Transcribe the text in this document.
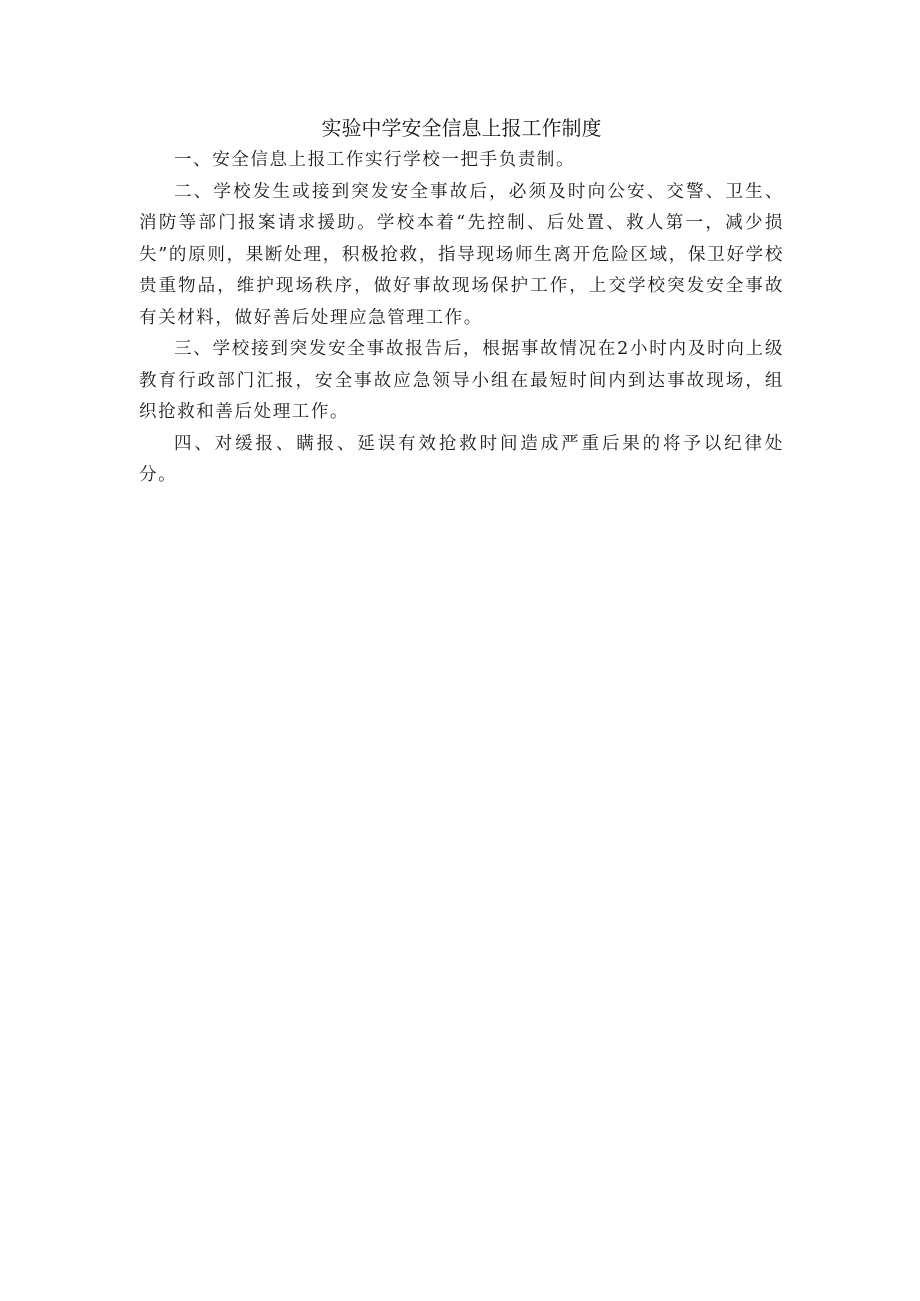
实验中学安全信息上报工作制度

一、安全信息上报工作实行学校一把手负责制。

二、学校发生或接到突发安全事故后，必须及时向公安、交警、卫生、消防等部门报案请求援助。学校本着“先控制、后处置、救人第一，减少损失”的原则，果断处理，积极抢救，指导现场师生离开危险区域，保卫好学校贵重物品，维护现场秩序，做好事故现场保护工作，上交学校突发安全事故有关材料，做好善后处理应急管理工作。

三、学校接到突发安全事故报告后，根据事故情况在2小时内及时向上级教育行政部门汇报，安全事故应急领导小组在最短时间内到达事故现场，组织抢救和善后处理工作。

四、对缓报、瞒报、延误有效抢救时间造成严重后果的将予以纪律处分。
